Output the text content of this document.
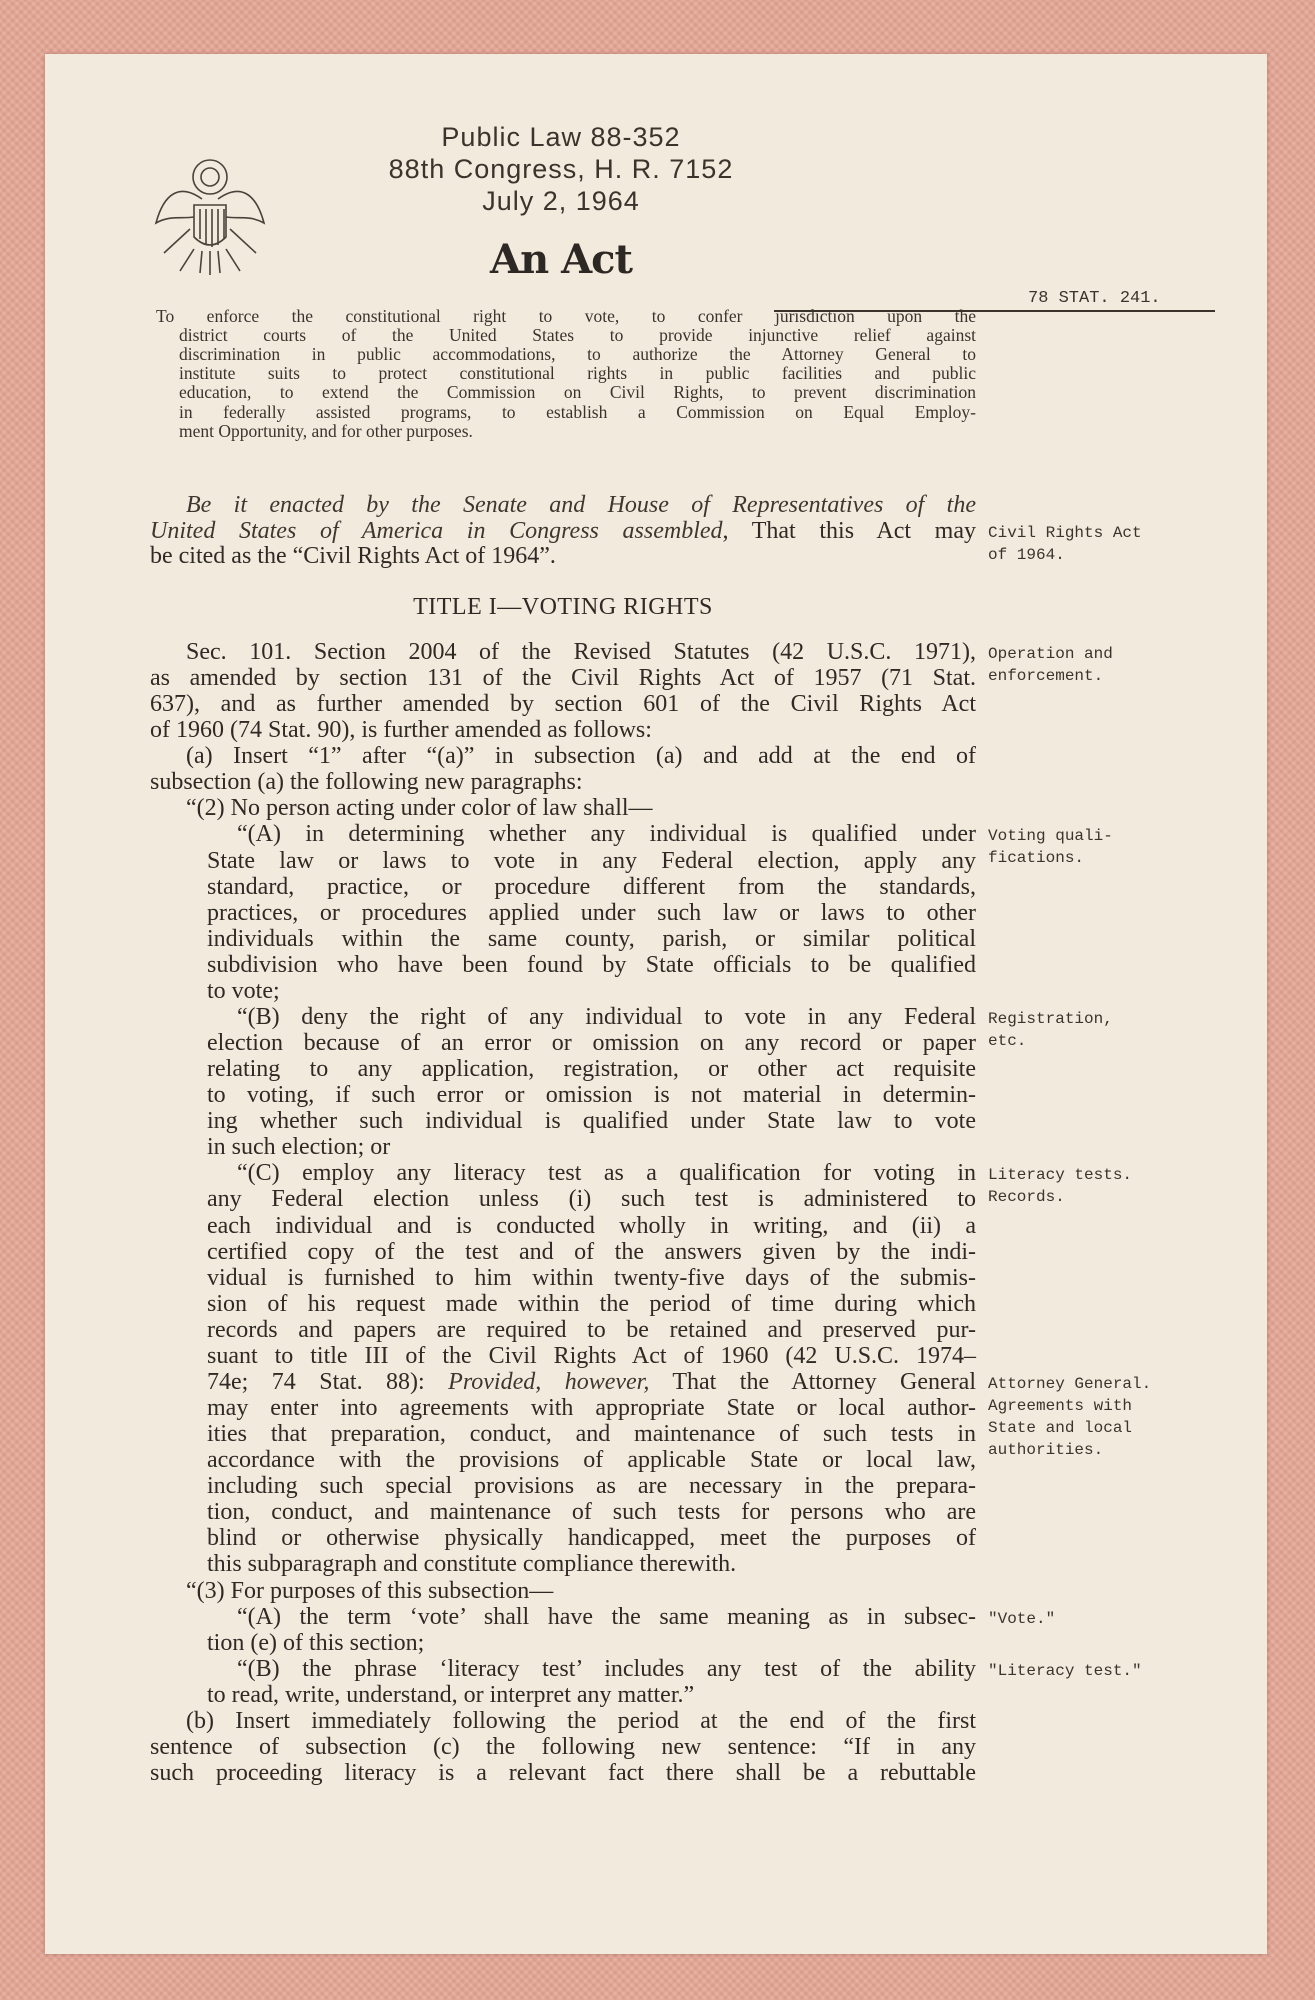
Public Law 88-352
88th Congress, H. R. 7152
July 2, 1964
An Act
78 STAT. 241.
To enforce the constitutional right to vote, to confer jurisdiction upon the
district courts of the United States to provide injunctive relief against
discrimination in public accommodations, to authorize the Attorney General to
institute suits to protect constitutional rights in public facilities and public
education, to extend the Commission on Civil Rights, to prevent discrimination
in federally assisted programs, to establish a Commission on Equal Employ-
ment Opportunity, and for other purposes.
Be it enacted by the Senate and House of Representatives of the
United States of America in Congress assembled, That this Act may
be cited as the “Civil Rights Act of 1964”.
TITLE I—VOTING RIGHTS
Sec. 101. Section 2004 of the Revised Statutes (42 U.S.C. 1971),
as amended by section 131 of the Civil Rights Act of 1957 (71 Stat.
637), and as further amended by section 601 of the Civil Rights Act
of 1960 (74 Stat. 90), is further amended as follows:
(a) Insert “1” after “(a)” in subsection (a) and add at the end of
subsection (a) the following new paragraphs:
“(2) No person acting under color of law shall—
“(A) in determining whether any individual is qualified under
State law or laws to vote in any Federal election, apply any
standard, practice, or procedure different from the standards,
practices, or procedures applied under such law or laws to other
individuals within the same county, parish, or similar political
subdivision who have been found by State officials to be qualified
to vote;
“(B) deny the right of any individual to vote in any Federal
election because of an error or omission on any record or paper
relating to any application, registration, or other act requisite
to voting, if such error or omission is not material in determin-
ing whether such individual is qualified under State law to vote
in such election; or
“(C) employ any literacy test as a qualification for voting in
any Federal election unless (i) such test is administered to
each individual and is conducted wholly in writing, and (ii) a
certified copy of the test and of the answers given by the indi-
vidual is furnished to him within twenty-five days of the submis-
sion of his request made within the period of time during which
records and papers are required to be retained and preserved pur-
suant to title III of the Civil Rights Act of 1960 (42 U.S.C. 1974–
74e; 74 Stat. 88): Provided, however, That the Attorney General
may enter into agreements with appropriate State or local author-
ities that preparation, conduct, and maintenance of such tests in
accordance with the provisions of applicable State or local law,
including such special provisions as are necessary in the prepara-
tion, conduct, and maintenance of such tests for persons who are
blind or otherwise physically handicapped, meet the purposes of
this subparagraph and constitute compliance therewith.
“(3) For purposes of this subsection—
“(A) the term ‘vote’ shall have the same meaning as in subsec-
tion (e) of this section;
“(B) the phrase ‘literacy test’ includes any test of the ability
to read, write, understand, or interpret any matter.”
(b) Insert immediately following the period at the end of the first
sentence of subsection (c) the following new sentence: “If in any
such proceeding literacy is a relevant fact there shall be a rebuttable
Civil Rights Act
of 1964.
Operation and
enforcement.
Voting quali-
fications.
Registration,
etc.
Literacy tests.
Records.
Attorney General.
Agreements with
State and local
authorities.
"Vote."
"Literacy test."
